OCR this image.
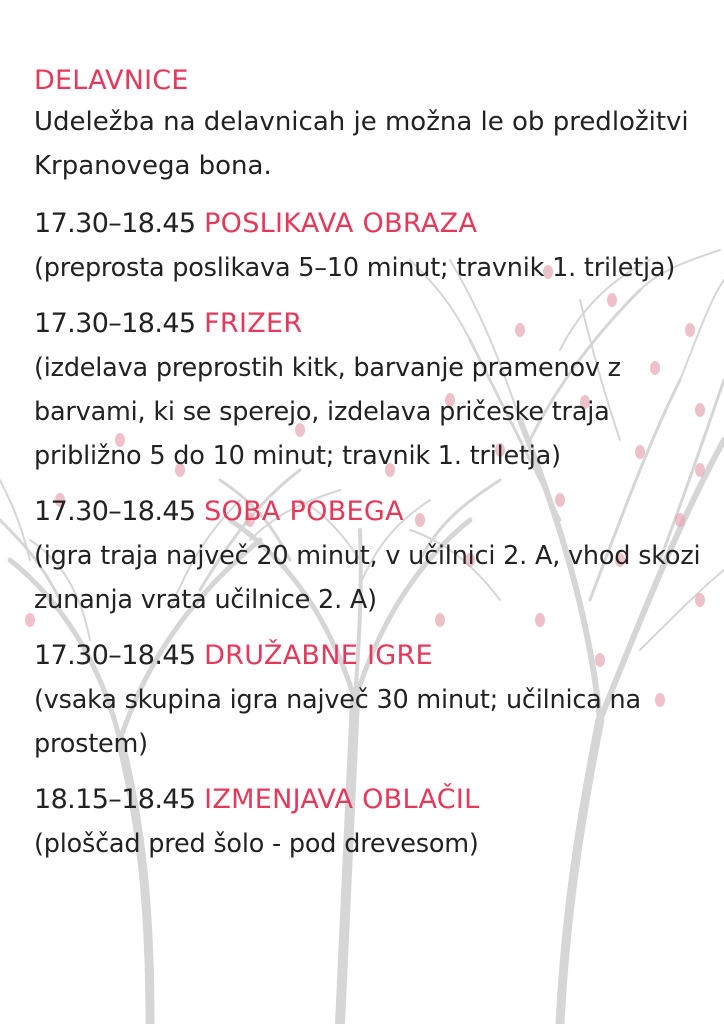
DELAVNICE
Udeležba na delavnicah je možna le ob predložitvi
Krpanovega bona.
17.30–18.45 POSLIKAVA OBRAZA
(preprosta poslikava 5–10 minut; travnik 1. triletja)
17.30–18.45 FRIZER
(izdelava preprostih kitk, barvanje pramenov z
barvami, ki se sperejo, izdelava pričeske traja
približno 5 do 10 minut; travnik 1. triletja)
17.30–18.45 SOBA POBEGA
(igra traja največ 20 minut, v učilnici 2. A, vhod skozi
zunanja vrata učilnice 2. A)
17.30–18.45 DRUŽABNE IGRE
(vsaka skupina igra največ 30 minut; učilnica na
prostem)
18.15–18.45 IZMENJAVA OBLAČIL
(ploščad pred šolo - pod drevesom)
